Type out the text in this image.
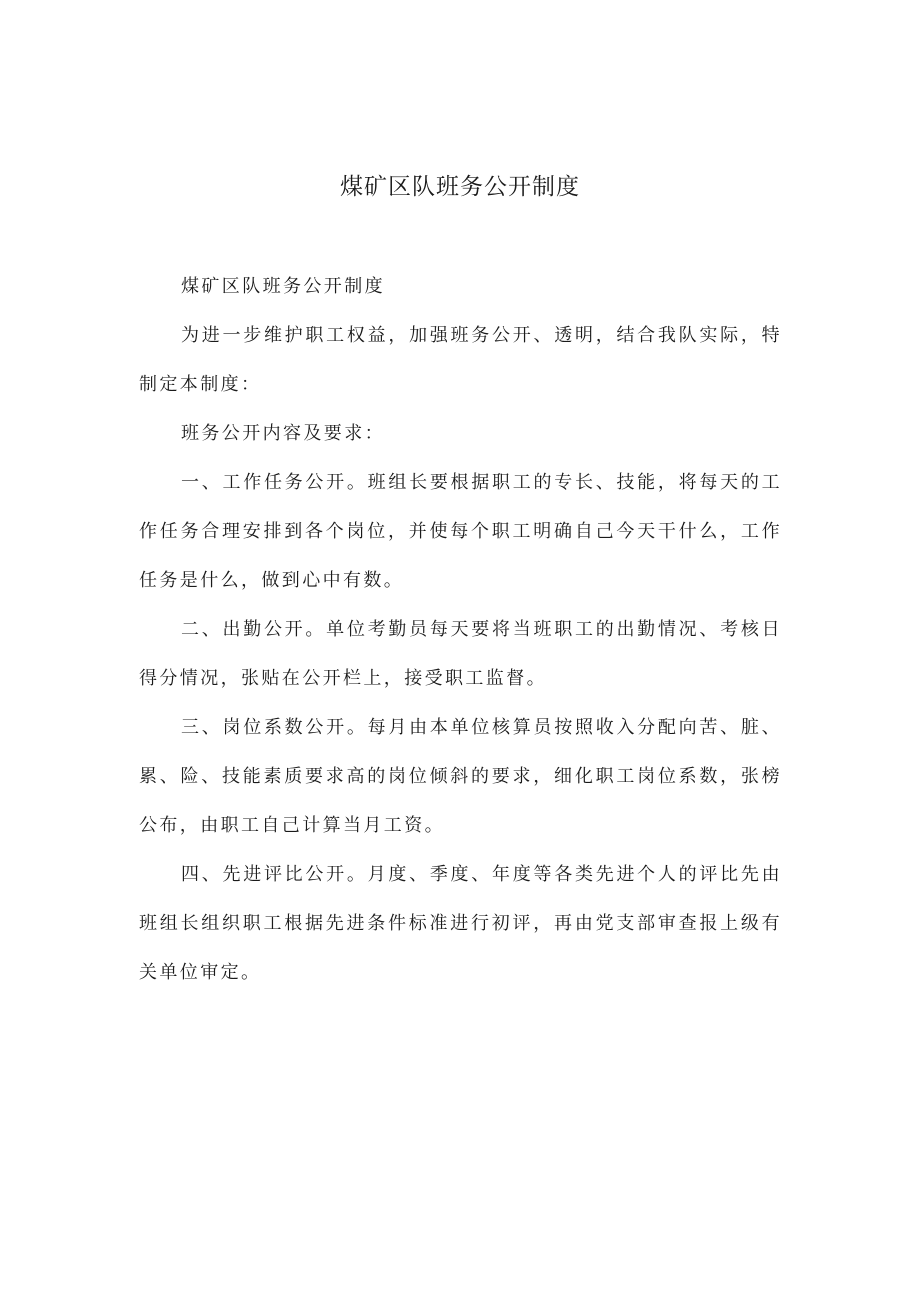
煤矿区队班务公开制度

煤矿区队班务公开制度

为进一步维护职工权益，加强班务公开、透明，结合我队实际，特制定本制度：

班务公开内容及要求：

一、工作任务公开。班组长要根据职工的专长、技能，将每天的工作任务合理安排到各个岗位，并使每个职工明确自己今天干什么，工作任务是什么，做到心中有数。

二、出勤公开。单位考勤员每天要将当班职工的出勤情况、考核日得分情况，张贴在公开栏上，接受职工监督。

三、岗位系数公开。每月由本单位核算员按照收入分配向苦、脏、累、险、技能素质要求高的岗位倾斜的要求，细化职工岗位系数，张榜公布，由职工自己计算当月工资。

四、先进评比公开。月度、季度、年度等各类先进个人的评比先由班组长组织职工根据先进条件标准进行初评，再由党支部审查报上级有关单位审定。
